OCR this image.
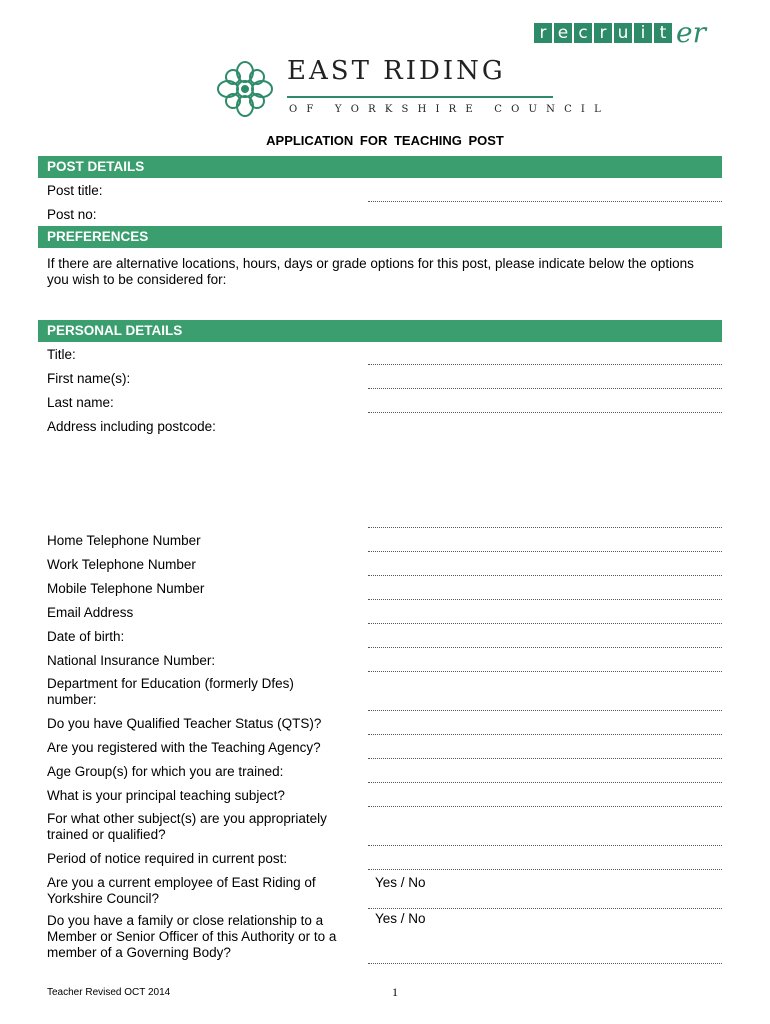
r e c r u i t er
EAST RIDING
OF YORKSHIRE COUNCIL
APPLICATION FOR TEACHING POST
POST DETAILS
Post title:
Post no:
PREFERENCES
If there are alternative locations, hours, days or grade options for this post, please indicate below the options you wish to be considered for:
PERSONAL DETAILS
Title:
First name(s):
Last name:
Address including postcode:
Home Telephone Number
Work Telephone Number
Mobile Telephone Number
Email Address
Date of birth:
National Insurance Number:
Department for Education (formerly Dfes) number:
Do you have Qualified Teacher Status (QTS)?
Are you registered with the Teaching Agency?
Age Group(s) for which you are trained:
What is your principal teaching subject?
For what other subject(s) are you appropriately trained or qualified?
Period of notice required in current post:
Are you a current employee of East Riding of Yorkshire Council?
Yes / No
Do you have a family or close relationship to a Member or Senior Officer of this Authority or to a member of a Governing Body?
Yes / No
Teacher Revised OCT 2014	1
